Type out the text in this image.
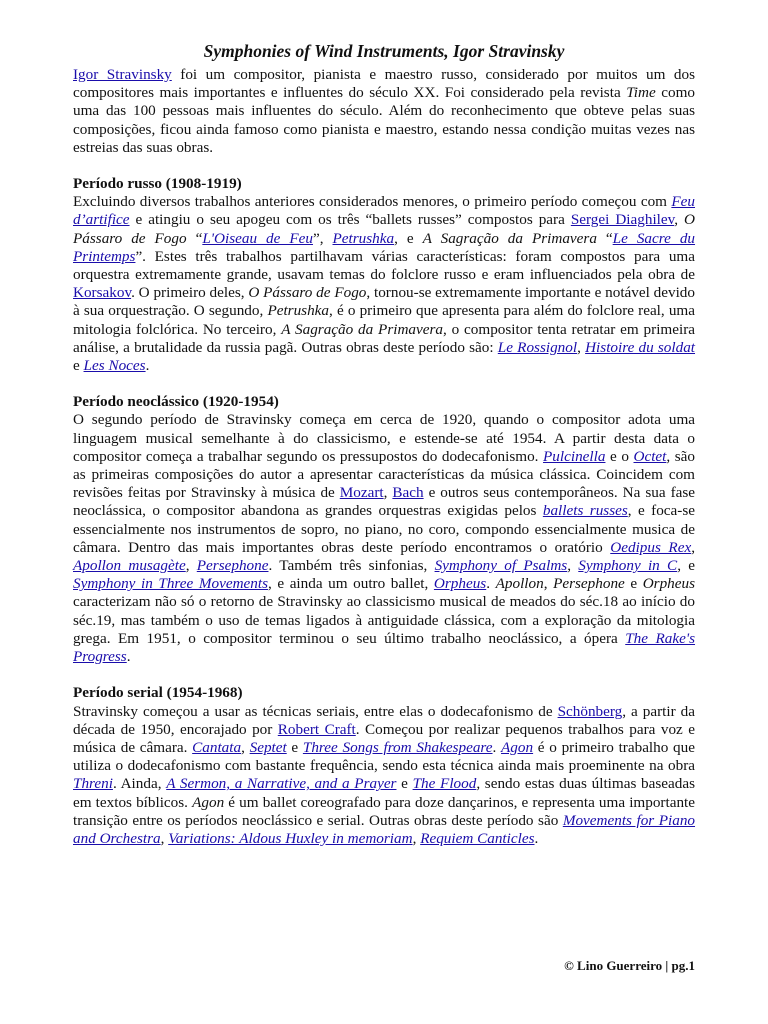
Symphonies of Wind Instruments, Igor Stravinsky

Igor Stravinsky foi um compositor, pianista e maestro russo, considerado por muitos um dos compositores mais importantes e influentes do século XX. Foi considerado pela revista Time como uma das 100 pessoas mais influentes do século. Além do reconhecimento que obteve pelas suas composições, ficou ainda famoso como pianista e maestro, estando nessa condição muitas vezes nas estreias das suas obras.

Período russo (1908-1919)

Excluindo diversos trabalhos anteriores considerados menores, o primeiro período começou com Feu d’artifice e atingiu o seu apogeu com os três “ballets russes” compostos para Sergei Diaghilev, O Pássaro de Fogo “L'Oiseau de Feu”, Petrushka, e A Sagração da Primavera “Le Sacre du Printemps”. Estes três trabalhos partilhavam várias características: foram compostos para uma orquestra extremamente grande, usavam temas do folclore russo e eram influenciados pela obra de Korsakov. O primeiro deles, O Pássaro de Fogo, tornou-se extremamente importante e notável devido à sua orquestração. O segundo, Petrushka, é o primeiro que apresenta para além do folclore real, uma mitologia folclórica. No terceiro, A Sagração da Primavera, o compositor tenta retratar em primeira análise, a brutalidade da russia pagã. Outras obras deste período são: Le Rossignol, Histoire du soldat e Les Noces.

Período neoclássico (1920-1954)

O segundo período de Stravinsky começa em cerca de 1920, quando o compositor adota uma linguagem musical semelhante à do classicismo, e estende-se até 1954. A partir desta data o compositor começa a trabalhar segundo os pressupostos do dodecafonismo. Pulcinella e o Octet, são as primeiras composições do autor a apresentar características da música clássica. Coincidem com revisões feitas por Stravinsky à música de Mozart, Bach e outros seus contemporâneos. Na sua fase neoclássica, o compositor abandona as grandes orquestras exigidas pelos ballets russes, e foca-se essencialmente nos instrumentos de sopro, no piano, no coro, compondo essencialmente musica de câmara. Dentro das mais importantes obras deste período encontramos o oratório Oedipus Rex, Apollon musagète, Persephone. Também três sinfonias, Symphony of Psalms, Symphony in C, e Symphony in Three Movements, e ainda um outro ballet, Orpheus. Apollon, Persephone e Orpheus caracterizam não só o retorno de Stravinsky ao classicismo musical de meados do séc.18 ao início do séc.19, mas também o uso de temas ligados à antiguidade clássica, com a exploração da mitologia grega. Em 1951, o compositor terminou o seu último trabalho neoclássico, a ópera The Rake's Progress.

Período serial (1954-1968)

Stravinsky começou a usar as técnicas seriais, entre elas o dodecafonismo de Schönberg, a partir da década de 1950, encorajado por Robert Craft. Começou por realizar pequenos trabalhos para voz e música de câmara. Cantata, Septet e Three Songs from Shakespeare. Agon é o primeiro trabalho que utiliza o dodecafonismo com bastante frequência, sendo esta técnica ainda mais proeminente na obra Threni. Ainda, A Sermon, a Narrative, and a Prayer e The Flood, sendo estas duas últimas baseadas em textos bíblicos. Agon é um ballet coreografado para doze dançarinos, e representa uma importante transição entre os períodos neoclássico e serial. Outras obras deste período são Movements for Piano and Orchestra, Variations: Aldous Huxley in memoriam, Requiem Canticles.

© Lino Guerreiro | pg.1
